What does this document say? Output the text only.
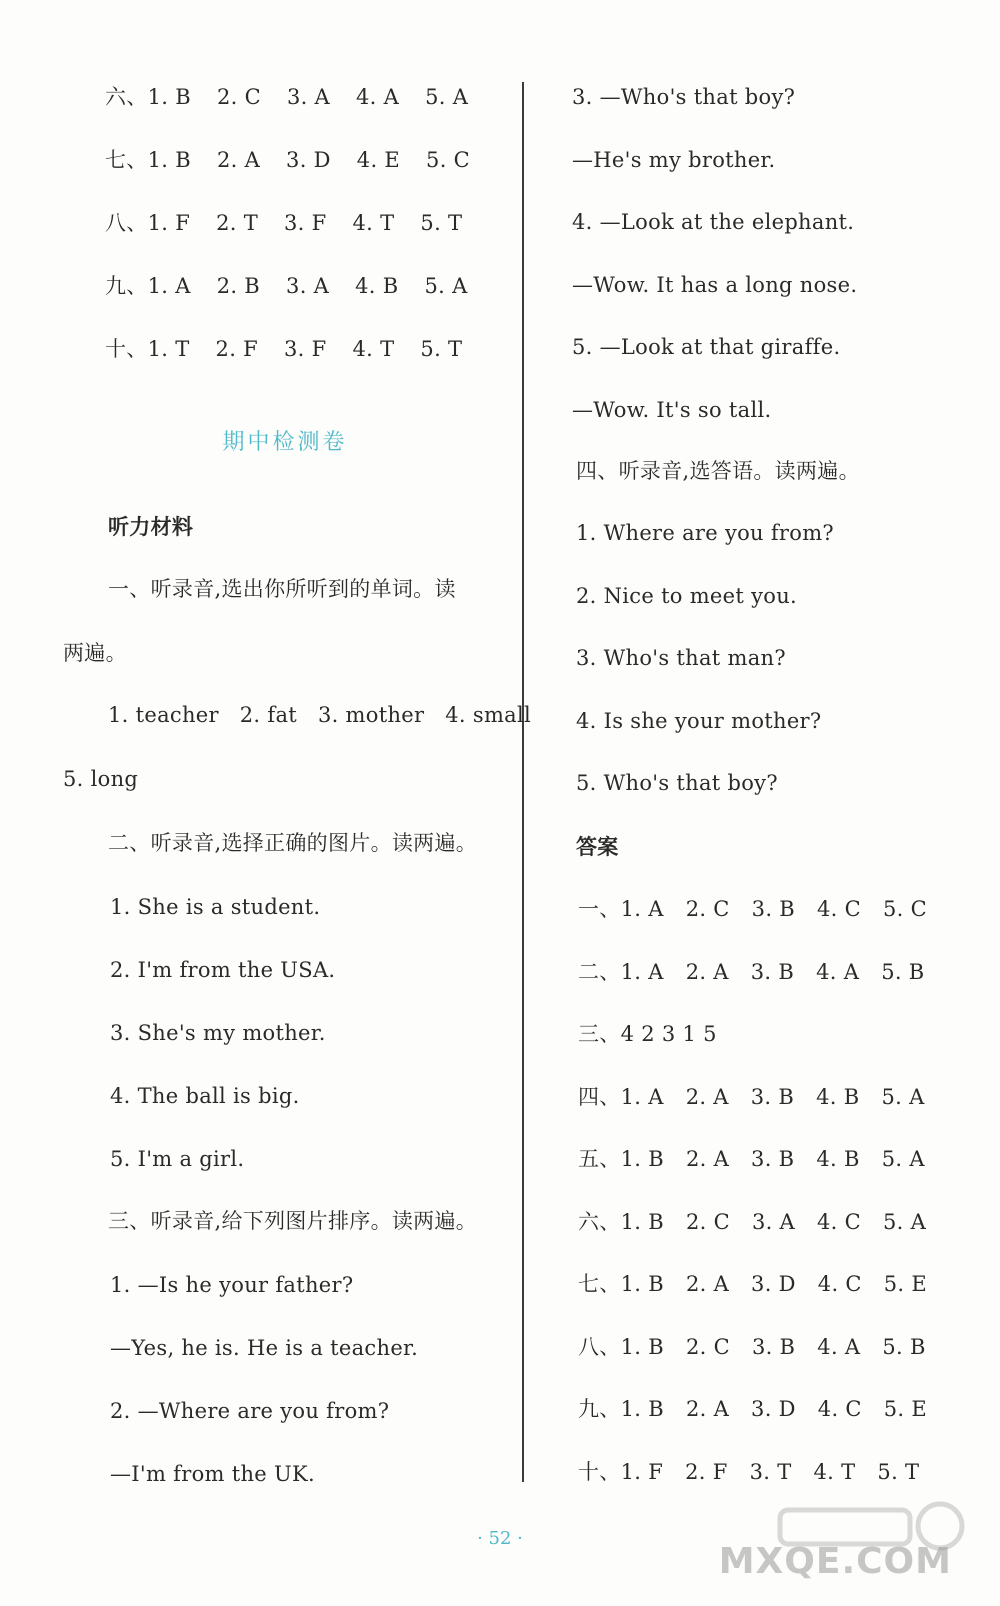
六、1. B 2. C 3. A 4. A 5. A
七、1. B 2. A 3. D 4. E 5. C
八、1. F 2. T 3. F 4. T 5. T
九、1. A 2. B 3. A 4. B 5. A
十、1. T 2. F 3. F 4. T 5. T
期中检测卷
听力材料
一、听录音,选出你所听到的单词。读
两遍。
1. teacher   2. fat   3. mother   4. small
5. long
二、听录音,选择正确的图片。读两遍。
1. She is a student.
2. I'm from the USA.
3. She's my mother.
4. The ball is big.
5. I'm a girl.
三、听录音,给下列图片排序。读两遍。
1. —Is he your father?
—Yes, he is. He is a teacher.
2. —Where are you from?
—I'm from the UK.
3. —Who's that boy?
—He's my brother.
4. —Look at the elephant.
—Wow. It has a long nose.
5. —Look at that giraffe.
—Wow. It's so tall.
四、听录音,选答语。读两遍。
1. Where are you from?
2. Nice to meet you.
3. Who's that man?
4. Is she your mother?
5. Who's that boy?
答案
一、1. A 2. C 3. B 4. C 5. C
二、1. A 2. A 3. B 4. A 5. B
三、4 2 3 1 5
四、1. A 2. A 3. B 4. B 5. A
五、1. B 2. A 3. B 4. B 5. A
六、1. B 2. C 3. A 4. C 5. A
七、1. B 2. A 3. D 4. C 5. E
八、1. B 2. C 3. B 4. A 5. B
九、1. B 2. A 3. D 4. C 5. E
十、1. F 2. F 3. T 4. T 5. T
· 52 ·
MXQE.COM
